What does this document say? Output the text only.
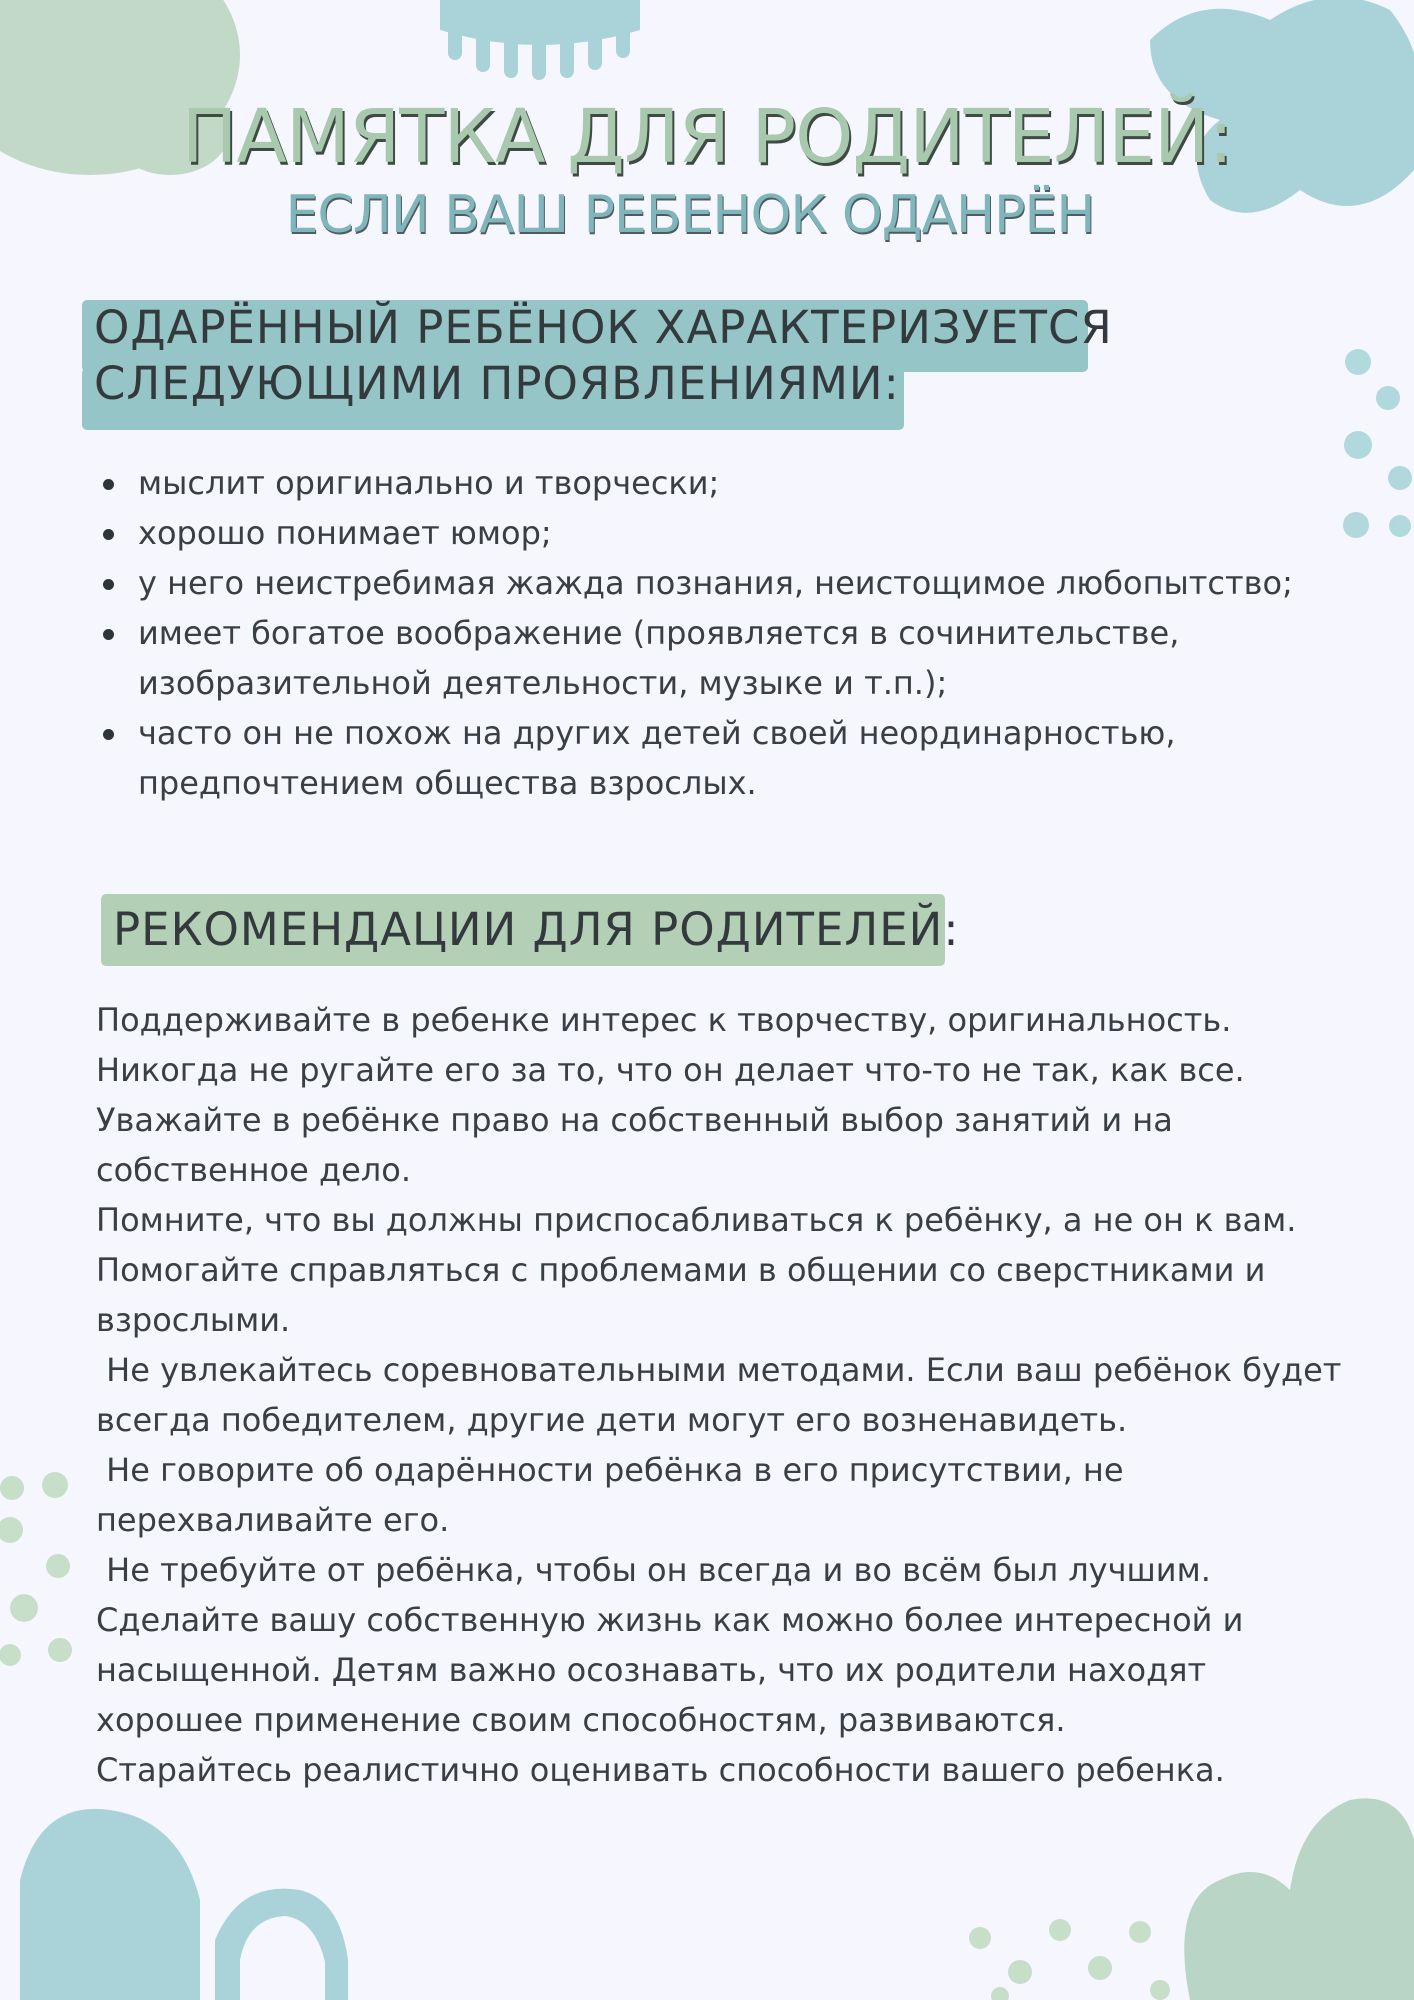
ПАМЯТКА ДЛЯ РОДИТЕЛЕЙ:
ЕСЛИ ВАШ РЕБЕНОК ОДАНРЁН
ОДАРЁННЫЙ РЕБЁНОК ХАРАКТЕРИЗУЕТСЯ
СЛЕДУЮЩИМИ ПРОЯВЛЕНИЯМИ:
мыслит оригинально и творчески;
хорошо понимает юмор;
у него неистребимая жажда познания, неистощимое любопытство;
имеет богатое воображение (проявляется в сочинительстве, изобразительной деятельности, музыке и т.п.);
часто он не похож на других детей своей неординарностью, предпочтением общества взрослых.
РЕКОМЕНДАЦИИ ДЛЯ РОДИТЕЛЕЙ:

Поддерживайте в ребенке интерес к творчеству, оригинальность.

Никогда не ругайте его за то, что он делает что-то не так, как все.

Уважайте в ребёнке право на собственный выбор занятий и на собственное дело.

Помните, что вы должны приспосабливаться к ребёнку, а не он к вам.

Помогайте справляться с проблемами в общении со сверстниками и взрослыми.

Не увлекайтесь соревновательными методами. Если ваш ребёнок будет всегда победителем, другие дети могут его возненавидеть.

Не говорите об одарённости ребёнка в его присутствии, не перехваливайте его.

Не требуйте от ребёнка, чтобы он всегда и во всём был лучшим.

Сделайте вашу собственную жизнь как можно более интересной и насыщенной. Детям важно осознавать, что их родители находят хорошее применение своим способностям, развиваются.

Старайтесь реалистично оценивать способности вашего ребенка.
